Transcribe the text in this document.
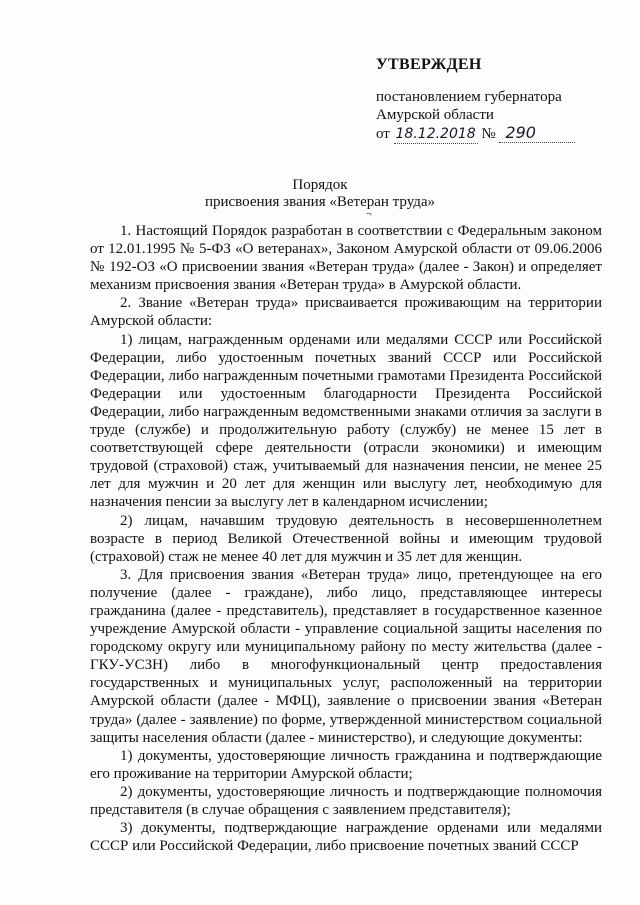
УТВЕРЖДЕН
постановлением губернатора
Амурской области
от 18.12.2018 № 290
Порядок
присвоения звания «Ветеран труда»
¬

1. Настоящий Порядок разработан в соответствии с Федеральным законом от 12.01.1995 № 5-ФЗ «О ветеранах», Законом Амурской области от 09.06.2006 № 192-ОЗ «О присвоении звания «Ветеран труда» (далее - Закон) и определяет механизм присвоения звания «Ветеран труда» в Амурской области.

2. Звание «Ветеран труда» присваивается проживающим на территории Амурской области:

1) лицам, награжденным орденами или медалями СССР или Российской Федерации, либо удостоенным почетных званий СССР или Российской Федерации, либо награжденным почетными грамотами Президента Российской Федерации или удостоенным благодарности Президента Российской Федерации, либо награжденным ведомственными знаками отличия за заслуги в труде (службе) и продолжительную работу (службу) не менее 15 лет в соответствующей сфере деятельности (отрасли экономики) и имеющим трудовой (страховой) стаж, учитываемый для назначения пенсии, не менее 25 лет для мужчин и 20 лет для женщин или выслугу лет, необходимую для назначения пенсии за выслугу лет в календарном исчислении;

2) лицам, начавшим трудовую деятельность в несовершеннолетнем возрасте в период Великой Отечественной войны и имеющим трудовой (страховой) стаж не менее 40 лет для мужчин и 35 лет для женщин.

3. Для присвоения звания «Ветеран труда» лицо, претендующее на его получение (далее - граждане), либо лицо, представляющее интересы гражданина (далее - представитель), представляет в государственное казенное учреждение Амурской области - управление социальной защиты населения по городскому округу или муниципальному району по месту жительства (далее - ГКУ-УСЗН) либо в многофункциональный центр предоставления государственных и муниципальных услуг, расположенный на территории Амурской области (далее - МФЦ), заявление о присвоении звания «Ветеран труда» (далее - заявление) по форме, утвержденной министерством социальной защиты населения области (далее - министерство), и следующие документы:

1) документы, удостоверяющие личность гражданина и подтверждающие его проживание на территории Амурской области;

2) документы, удостоверяющие личность и подтверждающие полномочия представителя (в случае обращения с заявлением представителя);

3) документы, подтверждающие награждение орденами или медалями СССР или Российской Федерации, либо присвоение почетных званий СССР
